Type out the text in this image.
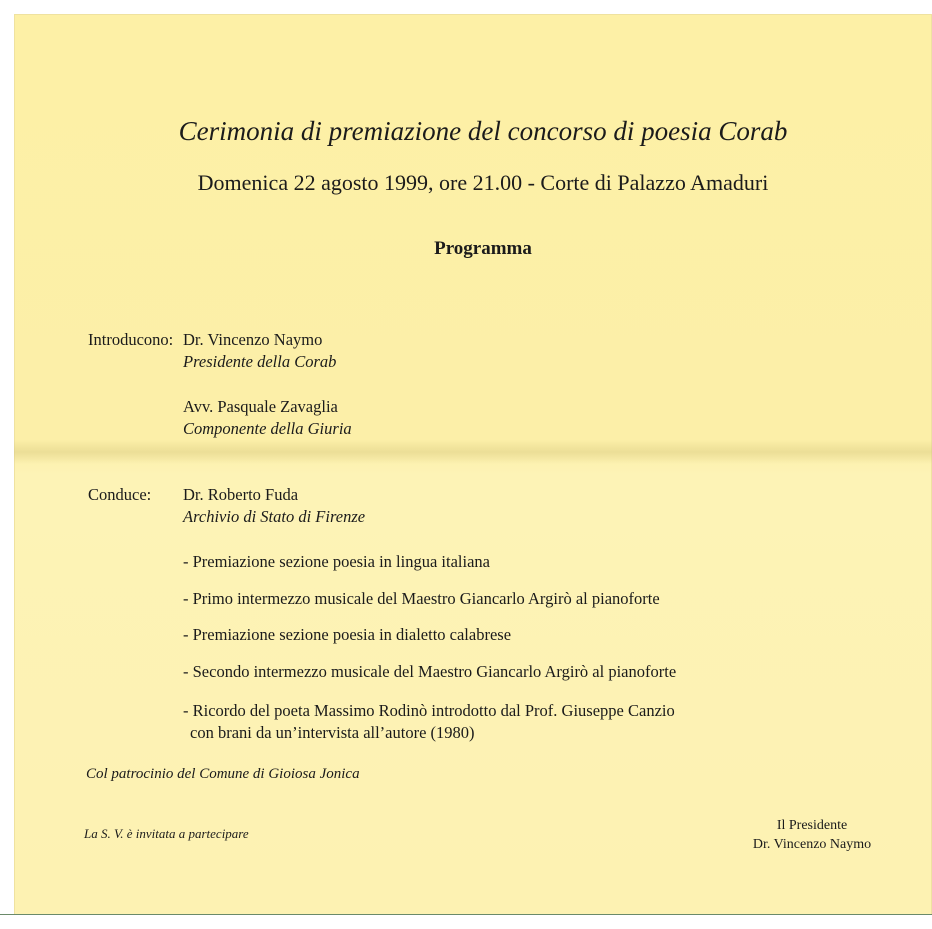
Cerimonia di premiazione del concorso di poesia Corab
Domenica 22 agosto 1999, ore 21.00 - Corte di Palazzo Amaduri
Programma
Introducono: Dr. Vincenzo Naymo
Presidente della Corab
Avv. Pasquale Zavaglia
Componente della Giuria
Conduce: Dr. Roberto Fuda
Archivio di Stato di Firenze
- Premiazione sezione poesia in lingua italiana
- Primo intermezzo musicale del Maestro Giancarlo Argirò al pianoforte
- Premiazione sezione poesia in dialetto calabrese
- Secondo intermezzo musicale del Maestro Giancarlo Argirò al pianoforte
- Ricordo del poeta Massimo Rodinò introdotto dal Prof. Giuseppe Canzio
con brani da un’intervista all’autore (1980)
Col patrocinio del Comune di Gioiosa Jonica
La S. V. è invitata a partecipare
Il Presidente
Dr. Vincenzo Naymo
